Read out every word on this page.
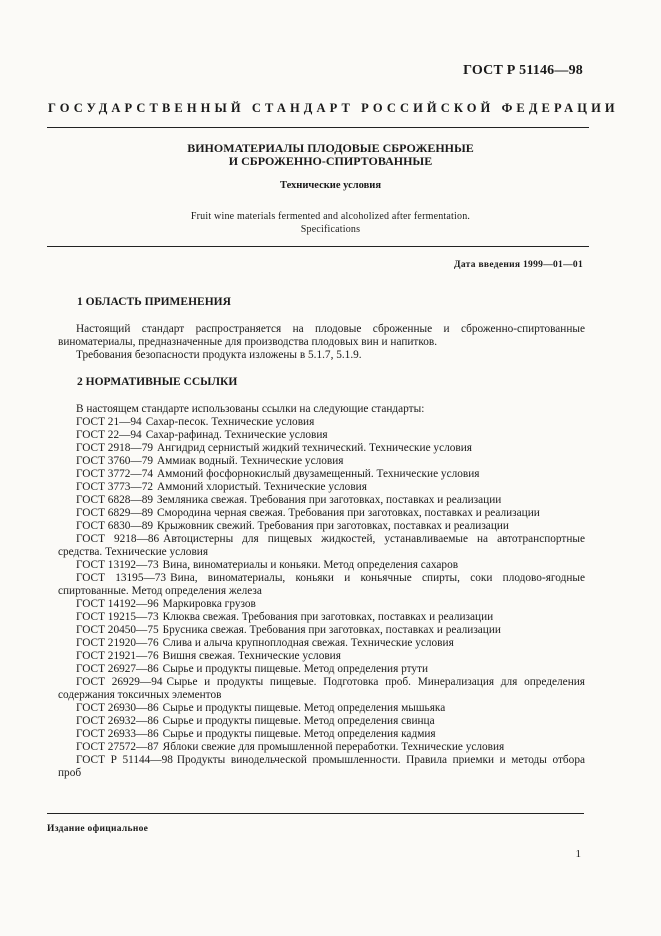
ГОСТ Р 51146—98
ГОСУДАРСТВЕННЫЙ СТАНДАРТ РОССИЙСКОЙ ФЕДЕРАЦИИ
ВИНОМАТЕРИАЛЫ ПЛОДОВЫЕ СБРОЖЕННЫЕ
И СБРОЖЕННО-СПИРТОВАННЫЕ
Технические условия
Fruit wine materials fermented and alcoholized after fermentation.
Specifications
Дата введения 1999—01—01
1 ОБЛАСТЬ ПРИМЕНЕНИЯ
Настоящий стандарт распространяется на плодовые сброженные и сброженно-спиртованные виноматериалы, предназначенные для производства плодовых вин и напитков.
Требования безопасности продукта изложены в 5.1.7, 5.1.9.
2 НОРМАТИВНЫЕ ССЫЛКИ
В настоящем стандарте использованы ссылки на следующие стандарты:
ГОСТ 21—94 Сахар-песок. Технические условия
ГОСТ 22—94 Сахар-рафинад. Технические условия
ГОСТ 2918—79 Ангидрид сернистый жидкий технический. Технические условия
ГОСТ 3760—79 Аммиак водный. Технические условия
ГОСТ 3772—74 Аммоний фосфорнокислый двузамещенный. Технические условия
ГОСТ 3773—72 Аммоний хлористый. Технические условия
ГОСТ 6828—89 Земляника свежая. Требования при заготовках, поставках и реализации
ГОСТ 6829—89 Смородина черная свежая. Требования при заготовках, поставках и реализации
ГОСТ 6830—89 Крыжовник свежий. Требования при заготовках, поставках и реализации
ГОСТ 9218—86 Автоцистерны для пищевых жидкостей, устанавливаемые на автотранспортные средства. Технические условия
ГОСТ 13192—73 Вина, виноматериалы и коньяки. Метод определения сахаров
ГОСТ 13195—73 Вина, виноматериалы, коньяки и коньячные спирты, соки плодово-ягодные спиртованные. Метод определения железа
ГОСТ 14192—96 Маркировка грузов
ГОСТ 19215—73 Клюква свежая. Требования при заготовках, поставках и реализации
ГОСТ 20450—75 Брусника свежая. Требования при заготовках, поставках и реализации
ГОСТ 21920—76 Слива и алыча крупноплодная свежая. Технические условия
ГОСТ 21921—76 Вишня свежая. Технические условия
ГОСТ 26927—86 Сырье и продукты пищевые. Метод определения ртути
ГОСТ 26929—94 Сырье и продукты пищевые. Подготовка проб. Минерализация для определения содержания токсичных элементов
ГОСТ 26930—86 Сырье и продукты пищевые. Метод определения мышьяка
ГОСТ 26932—86 Сырье и продукты пищевые. Метод определения свинца
ГОСТ 26933—86 Сырье и продукты пищевые. Метод определения кадмия
ГОСТ 27572—87 Яблоки свежие для промышленной переработки. Технические условия
ГОСТ Р 51144—98 Продукты винодельческой промышленности. Правила приемки и методы отбора проб
Издание официальное
1
